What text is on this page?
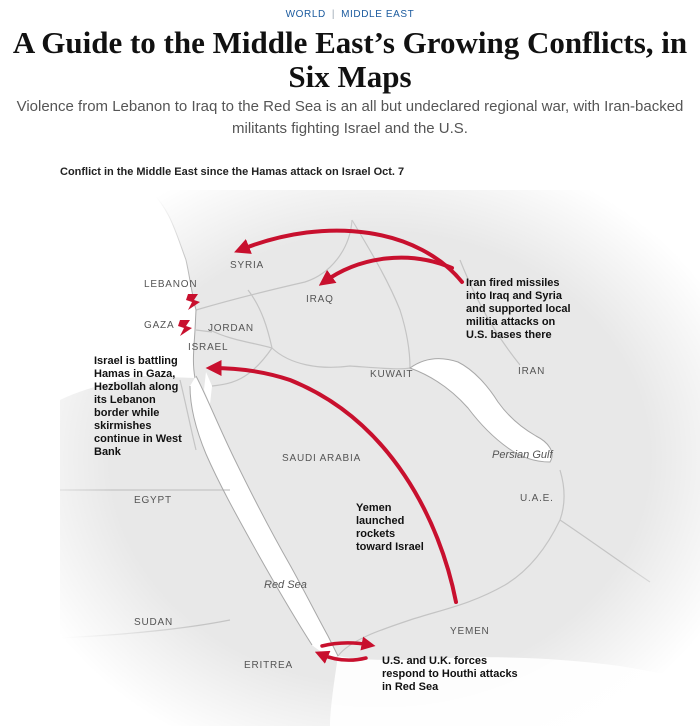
WORLD | MIDDLE EAST
A Guide to the Middle East’s Growing Conflicts, in Six Maps

Violence from Lebanon to Iraq to the Red Sea is an all but undeclared regional war, with Iran-backed militants fighting Israel and the U.S.

Conflict in the Middle East since the Hamas attack on Israel Oct. 7
SYRIA
LEBANON
IRAQ
GAZA	JORDAN
ISRAEL
KUWAIT	IRAN
SAUDI ARABIA	Persian Gulf
EGYPT	U.A.E.
Red Sea
SUDAN
YEMEN
ERITREA
Iran fired missiles into Iraq and Syria and supported local militia attacks on U.S. bases there
Israel is battling Hamas in Gaza, Hezbollah along its Lebanon border while skirmishes continue in West Bank
Yemen launched rockets toward Israel
U.S. and U.K. forces respond to Houthi attacks in Red Sea
